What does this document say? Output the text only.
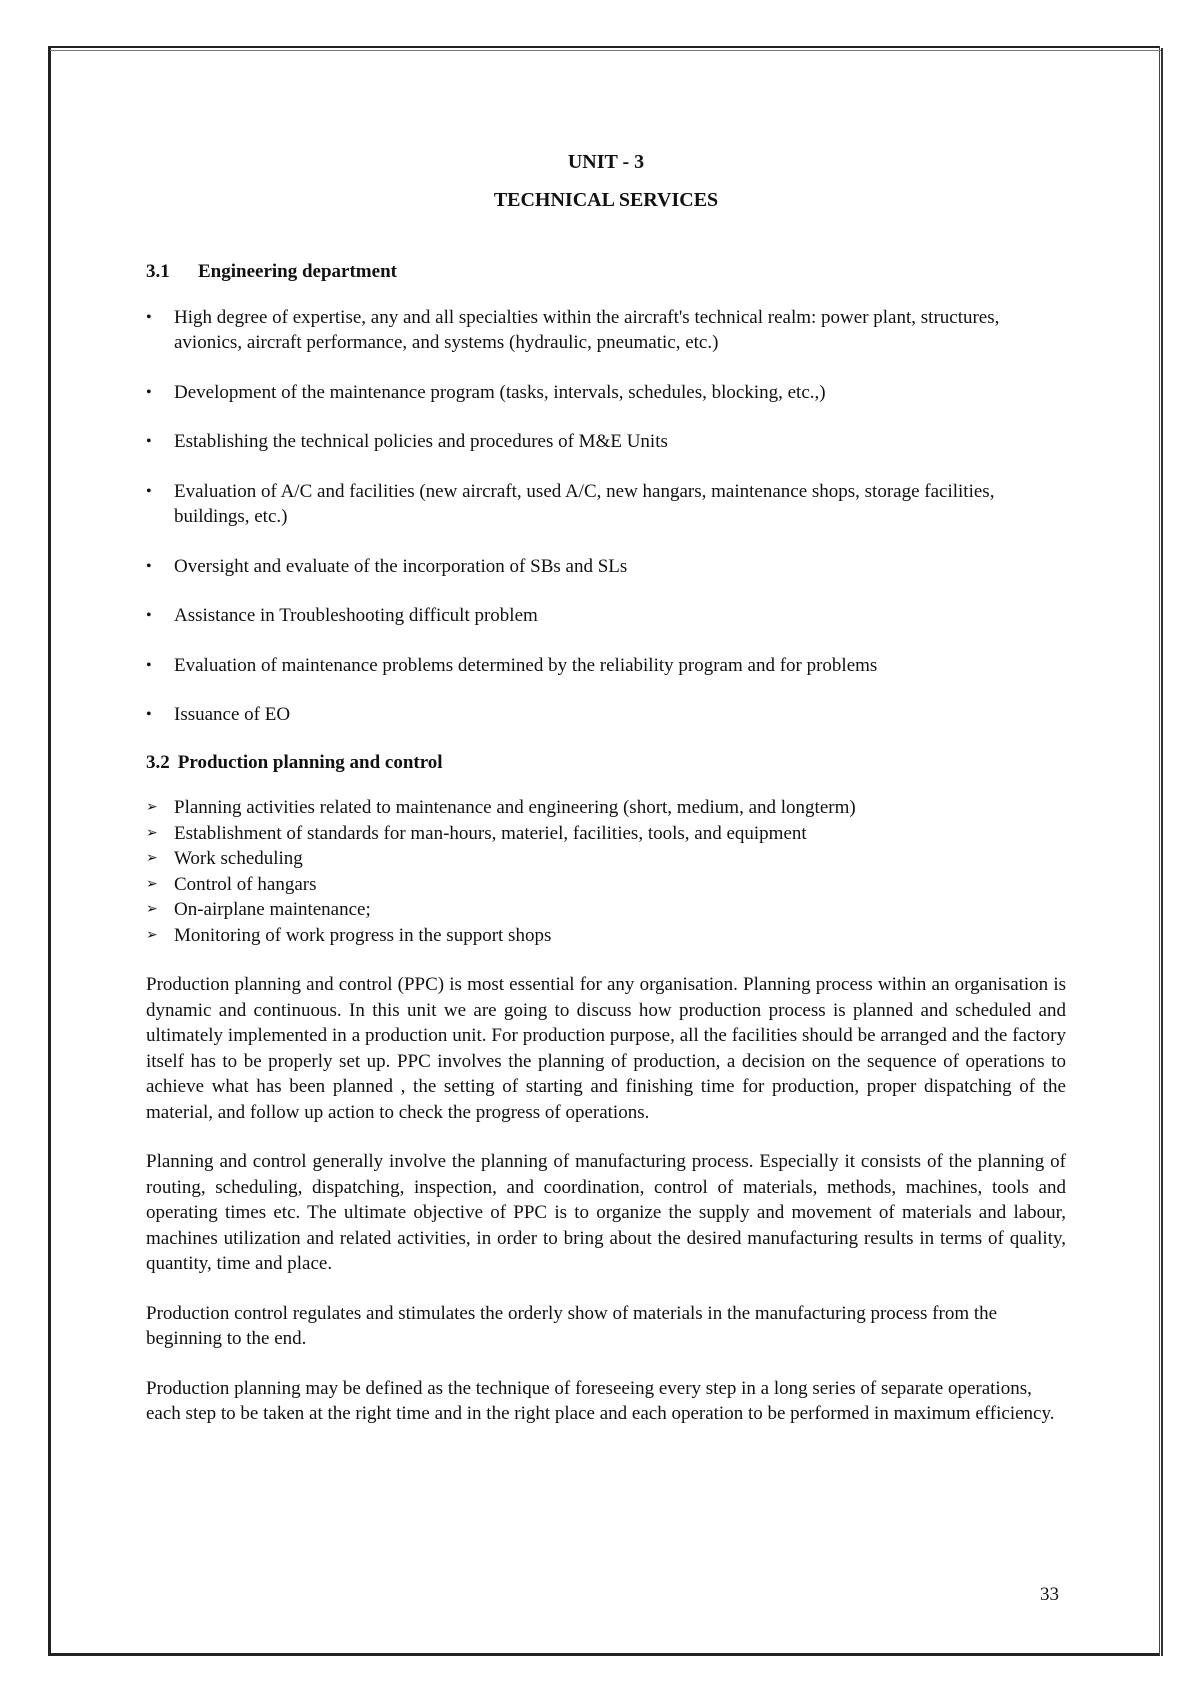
UNIT - 3
TECHNICAL SERVICES
3.1	Engineering department
• High degree of expertise, any and all specialties within the aircraft's technical realm: power plant, structures, avionics, aircraft performance, and systems (hydraulic, pneumatic, etc.)
• Development of the maintenance program (tasks, intervals, schedules, blocking, etc.,)
• Establishing the technical policies and procedures of M&E Units
• Evaluation of A/C and facilities (new aircraft, used A/C, new hangars, maintenance shops, storage facilities, buildings, etc.)
• Oversight and evaluate of the incorporation of SBs and SLs
• Assistance in Troubleshooting difficult problem
• Evaluation of maintenance problems determined by the reliability program and for problems
• Issuance of EO
3.2 Production planning and control
➢ Planning activities related to maintenance and engineering (short, medium, and longterm)
➢ Establishment of standards for man-hours, materiel, facilities, tools, and equipment
➢ Work scheduling
➢ Control of hangars
➢ On-airplane maintenance;
➢ Monitoring of work progress in the support shops

Production planning and control (PPC) is most essential for any organisation. Planning process within an organisation is dynamic and continuous. In this unit we are going to discuss how production process is planned and scheduled and ultimately implemented in a production unit. For production purpose, all the facilities should be arranged and the factory itself has to be properly set up. PPC involves the planning of production, a decision on the sequence of operations to achieve what has been planned , the setting of starting and finishing time for production, proper dispatching of the material, and follow up action to check the progress of operations.

Planning and control generally involve the planning of manufacturing process. Especially it consists of the planning of routing, scheduling, dispatching, inspection, and coordination, control of materials, methods, machines, tools and operating times etc. The ultimate objective of PPC is to organize the supply and movement of materials and labour, machines utilization and related activities, in order to bring about the desired manufacturing results in terms of quality, quantity, time and place.

Production control regulates and stimulates the orderly show of materials in the manufacturing process from the beginning to the end.

Production planning may be defined as the technique of foreseeing every step in a long series of separate operations, each step to be taken at the right time and in the right place and each operation to be performed in maximum efficiency.

33
